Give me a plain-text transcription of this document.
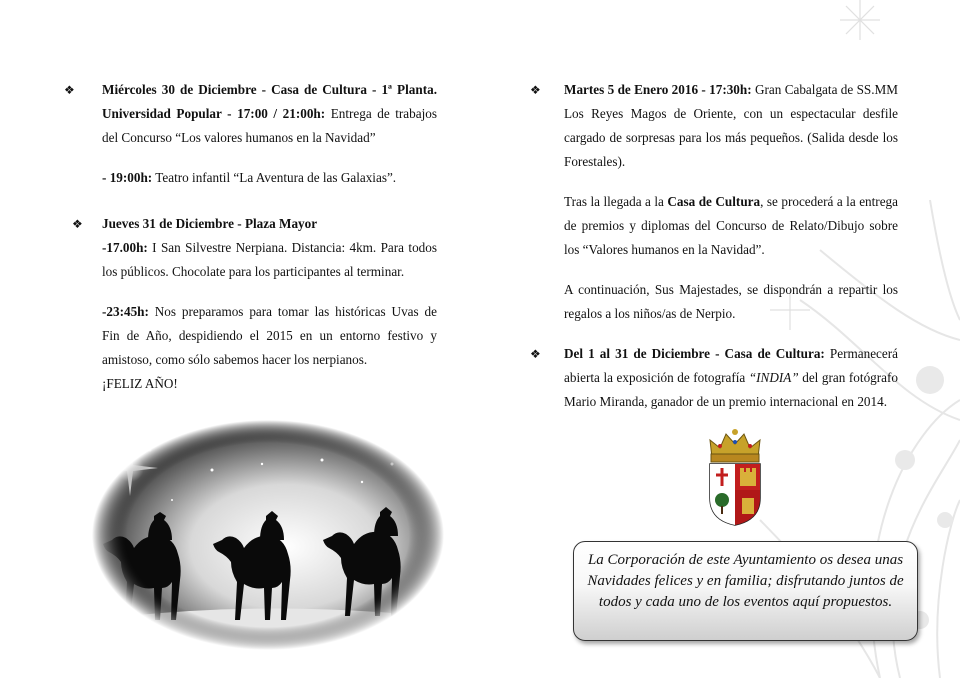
❖	Miércoles 30 de Diciembre - Casa de Cultura - 1ª Planta. Universidad Popular - 17:00 / 21:00h: Entrega de trabajos del Concurso “Los valores humanos en la Navidad”

- 19:00h: Teatro infantil “La Aventura de las Galaxias”.

❖	Jueves 31 de Diciembre - Plaza Mayor

-17.00h: I San Silvestre Nerpiana. Distancia: 4km. Para todos los públicos. Chocolate para los participantes al terminar.

-23:45h: Nos preparamos para tomar las históricas Uvas de Fin de Año, despidiendo el 2015 en un entorno festivo y amistoso, como sólo sabemos hacer los nerpianos.

¡FELIZ AÑO!

❖	Martes 5 de Enero 2016 - 17:30h: Gran Cabalgata de SS.MM Los Reyes Magos de Oriente, con un espectacular desfile cargado de sorpresas para los más pequeños. (Salida desde los Forestales).

Tras la llegada a la Casa de Cultura, se procederá a la entrega de premios y diplomas del Concurso de Relato/Dibujo sobre los “Valores humanos en la Navidad”.

A continuación, Sus Majestades, se dispondrán a repartir los regalos a los niños/as de Nerpio.

❖	Del 1 al 31 de Diciembre - Casa de Cultura: Permanecerá abierta la exposición de fotografía “INDIA” del gran fotógrafo Mario Miranda, ganador de un premio internacional en 2014.

La Corporación de este Ayuntamiento os desea unas Navidades felices y en familia; disfrutando juntos de todos y cada uno de los eventos aquí propuestos.
